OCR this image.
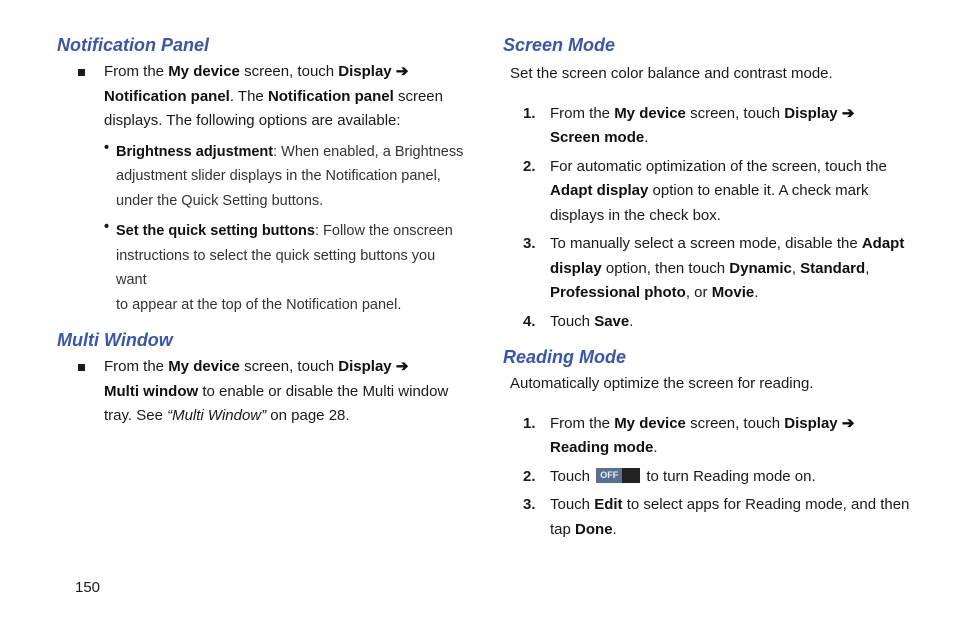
Notification Panel

From the My device screen, touch Display ➔

Notification panel. The Notification panel screen

displays. The following options are available:

• Brightness adjustment: When enabled, a Brightness

adjustment slider displays in the Notification panel,

under the Quick Setting buttons.

• Set the quick setting buttons: Follow the onscreen

instructions to select the quick setting buttons you want

to appear at the top of the Notification panel.

Multi Window

From the My device screen, touch Display ➔

Multi window to enable or disable the Multi window

tray. See “Multi Window” on page 28.

Screen Mode

Set the screen color balance and contrast mode.

1. From the My device screen, touch Display ➔

Screen mode.

2. For automatic optimization of the screen, touch the

Adapt display option to enable it. A check mark

displays in the check box.

3. To manually select a screen mode, disable the Adapt

display option, then touch Dynamic, Standard,

Professional photo, or Movie.

4. Touch Save.

Reading Mode

Automatically optimize the screen for reading.

1. From the My device screen, touch Display ➔

Reading mode.

2. Touch OFF to turn Reading mode on.

3. Touch Edit to select apps for Reading mode, and then

tap Done.

150
